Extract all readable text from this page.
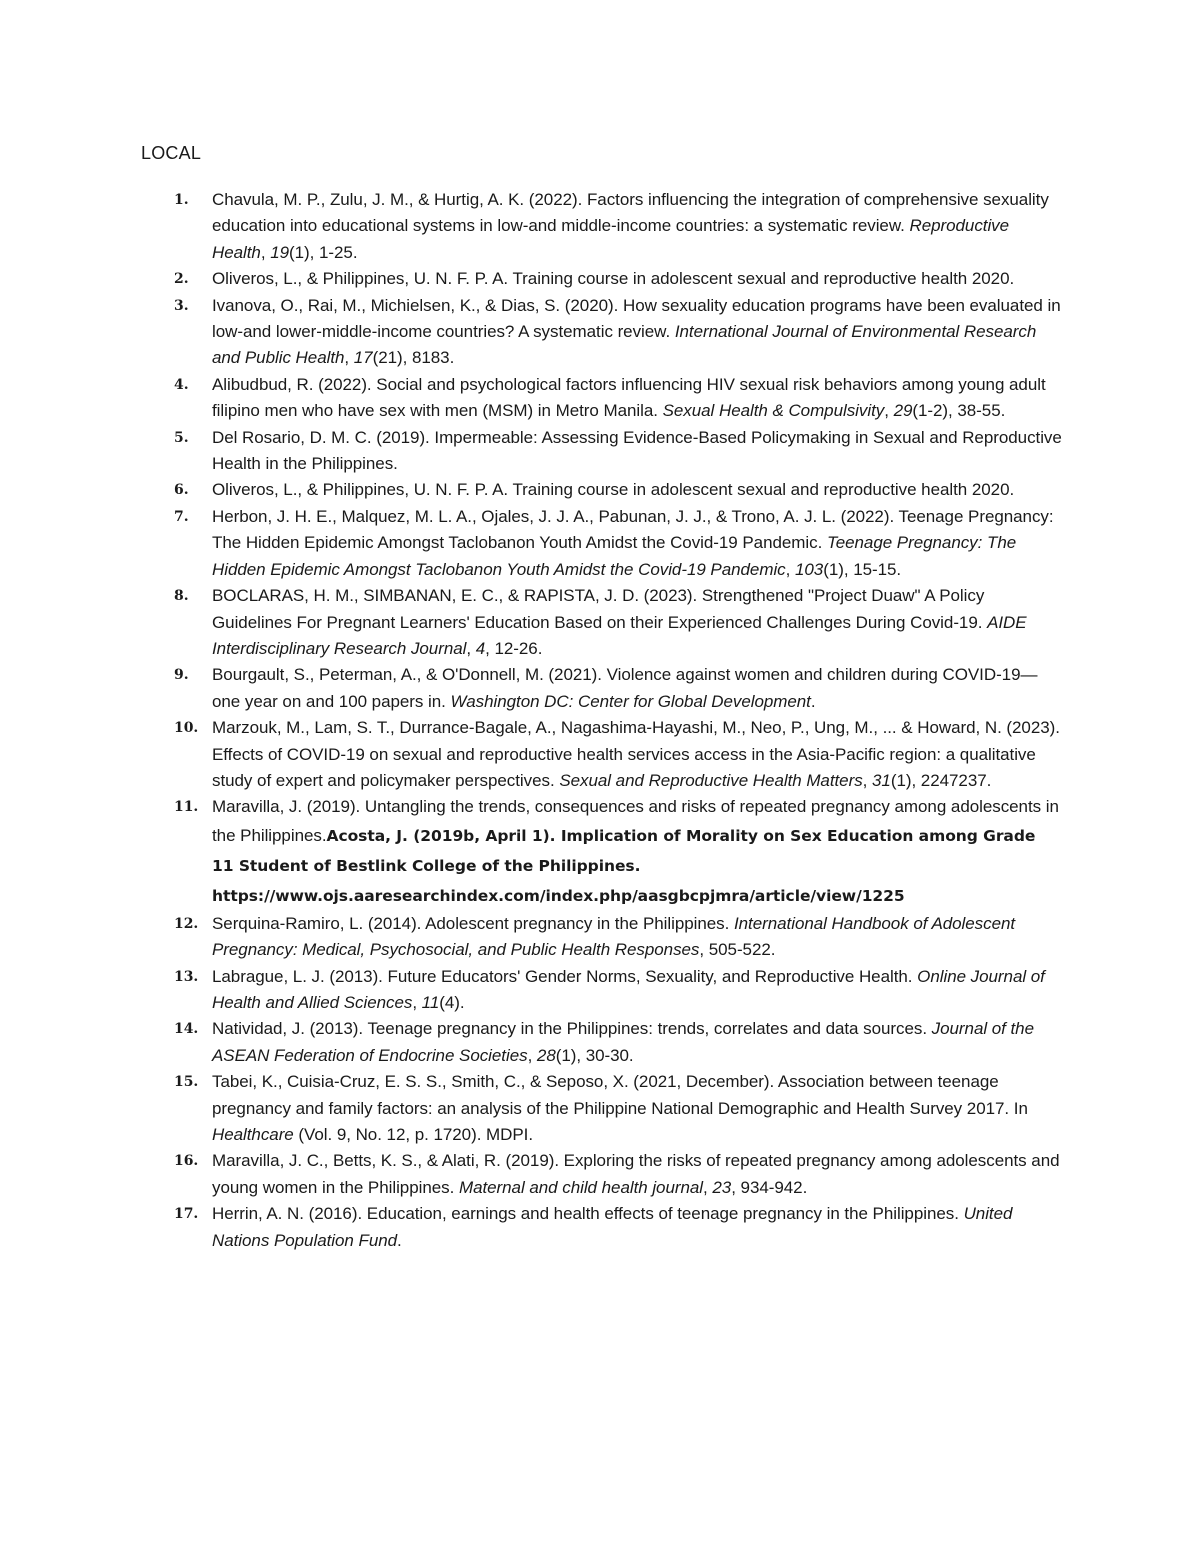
LOCAL
1. Chavula, M. P., Zulu, J. M., & Hurtig, A. K. (2022). Factors influencing the integration of comprehensive sexuality education into educational systems in low-and middle-income countries: a systematic review. Reproductive Health, 19(1), 1-25.
2. Oliveros, L., & Philippines, U. N. F. P. A. Training course in adolescent sexual and reproductive health 2020.
3. Ivanova, O., Rai, M., Michielsen, K., & Dias, S. (2020). How sexuality education programs have been evaluated in low-and lower-middle-income countries? A systematic review. International Journal of Environmental Research and Public Health, 17(21), 8183.
4. Alibudbud, R. (2022). Social and psychological factors influencing HIV sexual risk behaviors among young adult filipino men who have sex with men (MSM) in Metro Manila. Sexual Health & Compulsivity, 29(1-2), 38-55.
5. Del Rosario, D. M. C. (2019). Impermeable: Assessing Evidence-Based Policymaking in Sexual and Reproductive Health in the Philippines.
6. Oliveros, L., & Philippines, U. N. F. P. A. Training course in adolescent sexual and reproductive health 2020.
7. Herbon, J. H. E., Malquez, M. L. A., Ojales, J. J. A., Pabunan, J. J., & Trono, A. J. L. (2022). Teenage Pregnancy: The Hidden Epidemic Amongst Taclobanon Youth Amidst the Covid-19 Pandemic. Teenage Pregnancy: The Hidden Epidemic Amongst Taclobanon Youth Amidst the Covid-19 Pandemic, 103(1), 15-15.
8. BOCLARAS, H. M., SIMBANAN, E. C., & RAPISTA, J. D. (2023). Strengthened "Project Duaw" A Policy Guidelines For Pregnant Learners' Education Based on their Experienced Challenges During Covid-19. AIDE Interdisciplinary Research Journal, 4, 12-26.
9. Bourgault, S., Peterman, A., & O'Donnell, M. (2021). Violence against women and children during COVID-19—one year on and 100 papers in. Washington DC: Center for Global Development.
10. Marzouk, M., Lam, S. T., Durrance-Bagale, A., Nagashima-Hayashi, M., Neo, P., Ung, M., ... & Howard, N. (2023). Effects of COVID-19 on sexual and reproductive health services access in the Asia-Pacific region: a qualitative study of expert and policymaker perspectives. Sexual and Reproductive Health Matters, 31(1), 2247237.
11. Maravilla, J. (2019). Untangling the trends, consequences and risks of repeated pregnancy among adolescents in the Philippines.Acosta, J. (2019b, April 1). Implication of Morality on Sex Education among Grade 11 Student of Bestlink College of the Philippines. https://www.ojs.aaresearchindex.com/index.php/aasgbcpjmra/article/view/1225
12. Serquina-Ramiro, L. (2014). Adolescent pregnancy in the Philippines. International Handbook of Adolescent Pregnancy: Medical, Psychosocial, and Public Health Responses, 505-522.
13. Labrague, L. J. (2013). Future Educators' Gender Norms, Sexuality, and Reproductive Health. Online Journal of Health and Allied Sciences, 11(4).
14. Natividad, J. (2013). Teenage pregnancy in the Philippines: trends, correlates and data sources. Journal of the ASEAN Federation of Endocrine Societies, 28(1), 30-30.
15. Tabei, K., Cuisia-Cruz, E. S. S., Smith, C., & Seposo, X. (2021, December). Association between teenage pregnancy and family factors: an analysis of the Philippine National Demographic and Health Survey 2017. In Healthcare (Vol. 9, No. 12, p. 1720). MDPI.
16. Maravilla, J. C., Betts, K. S., & Alati, R. (2019). Exploring the risks of repeated pregnancy among adolescents and young women in the Philippines. Maternal and child health journal, 23, 934-942.
17. Herrin, A. N. (2016). Education, earnings and health effects of teenage pregnancy in the Philippines. United Nations Population Fund.
